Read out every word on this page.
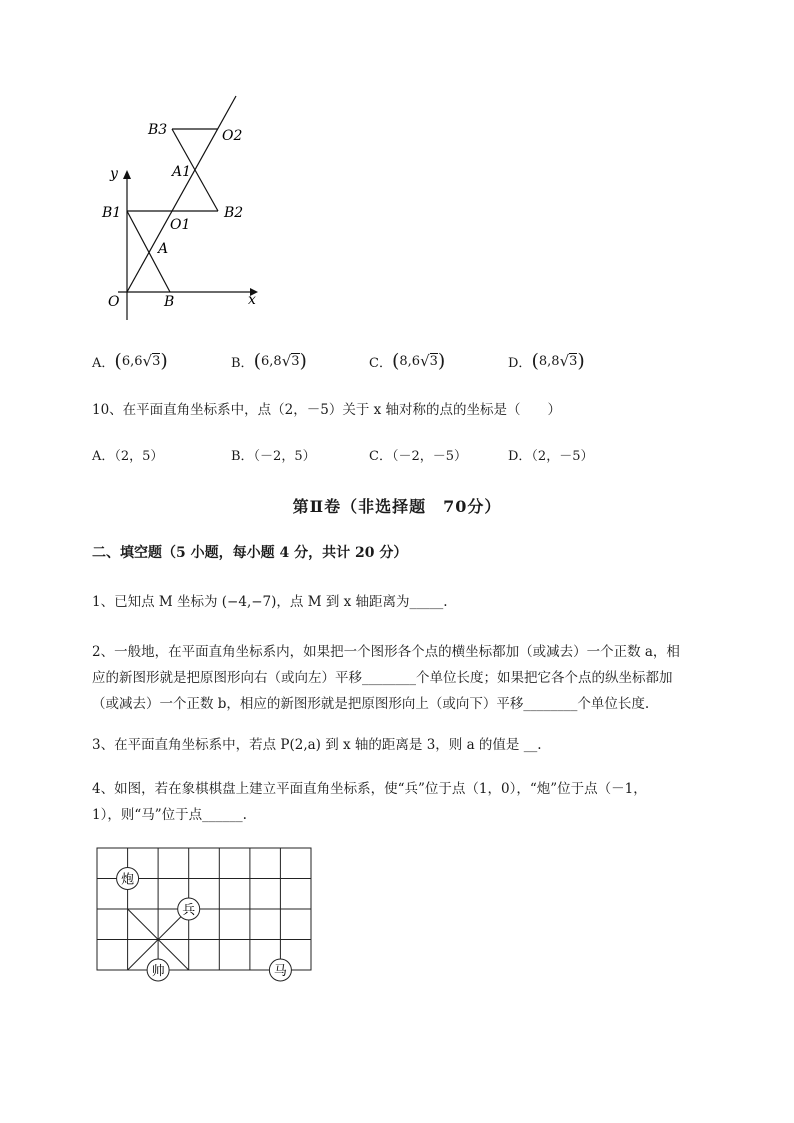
B3	O2
A1
y
B1
O1
B2
A
O	B	x
A． ( 6 , 6 √ 3 )	B． ( 6 , 8 √ 3 )	C． ( 8 , 6 √ 3 )	D． ( 8 , 8 √ 3 )
10、在平面直角坐标系中，点（2，－5）关于 x 轴对称的点的坐标是（　　）
A．（2，5）	B．（－2，5）	C．（－2，－5）	D．（2，－5）
第Ⅱ卷（非选择题　70分）
二、填空题（5 小题，每小题 4 分，共计 20 分）
1、已知点 M 坐标为 (−4,−7)，点 M 到 x 轴距离为_____.
2、一般地，在平面直角坐标系内，如果把一个图形各个点的横坐标都加（或减去）一个正数 a，相
应的新图形就是把原图形向右（或向左）平移________个单位长度；如果把它各个点的纵坐标都加
（或减去）一个正数 b，相应的新图形就是把原图形向上（或向下）平移________个单位长度.
3、在平面直角坐标系中，若点 P(2,a) 到 x 轴的距离是 3，则 a 的值是 __.
4、如图，若在象棋棋盘上建立平面直角坐标系，使“兵”位于点（1，0），“炮”位于点（－1，
1），则“马”位于点______.
炮
兵
帅	马
